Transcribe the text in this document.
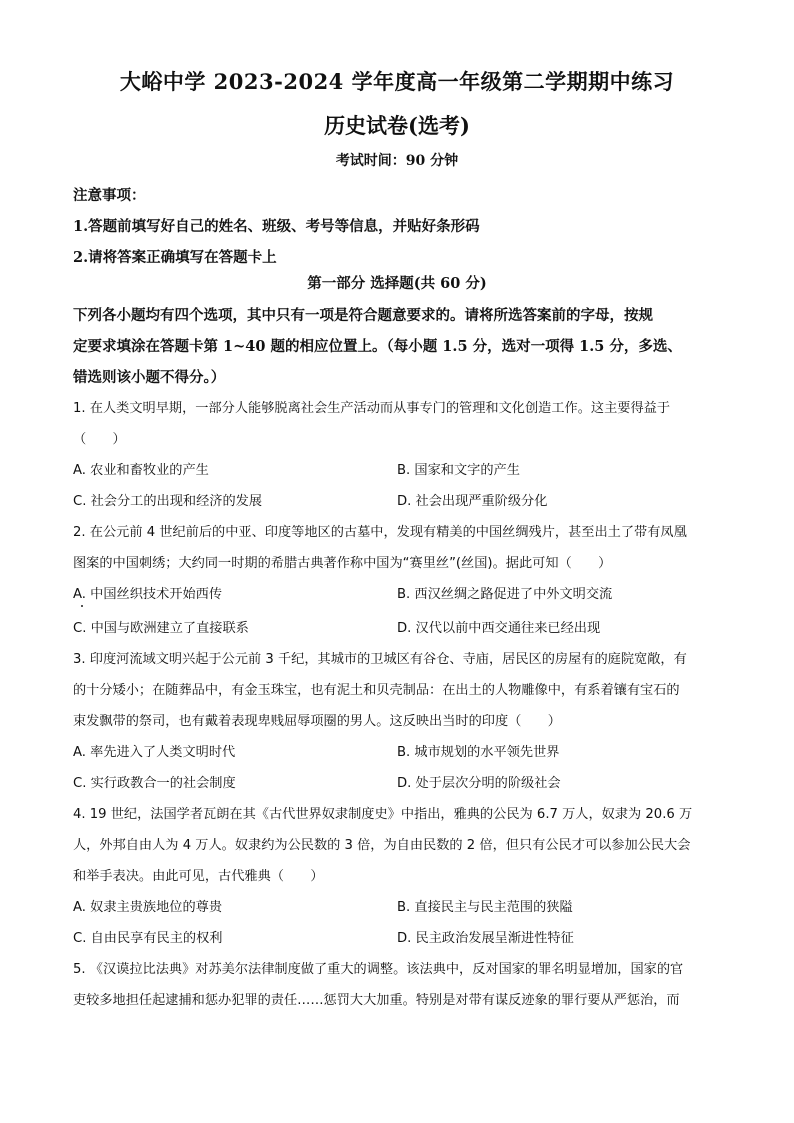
大峪中学 2023-2024 学年度高一年级第二学期期中练习
历史试卷(选考)
考试时间：90 分钟
注意事项：
1.答题前填写好自己的姓名、班级、考号等信息，并贴好条形码
2.请将答案正确填写在答题卡上
第一部分 选择题(共 60 分)
下列各小题均有四个选项，其中只有一项是符合题意要求的。请将所选答案前的字母，按规
定要求填涂在答题卡第 1~40 题的相应位置上。（每小题 1.5 分，选对一项得 1.5 分，多选、
错选则该小题不得分。）
1. 在人类文明早期，一部分人能够脱离社会生产活动而从事专门的管理和文化创造工作。这主要得益于
（　　）
A. 农业和畜牧业的产生	B. 国家和文字的产生
C. 社会分工的出现和经济的发展	D. 社会出现严重阶级分化
2. 在公元前 4 世纪前后的中亚、印度等地区的古墓中，发现有精美的中国丝绸残片，甚至出土了带有凤凰
图案的中国刺绣；大约同一时期的希腊古典著作称中国为“赛里丝”(丝国)。据此可知（　　）
A. 中国丝织技术开始西传	B. 西汉丝绸之路促进了中外文明交流
C. 中国与欧洲建立了直接联系	D. 汉代以前中西交通往来已经出现
3. 印度河流域文明兴起于公元前 3 千纪，其城市的卫城区有谷仓、寺庙，居民区的房屋有的庭院宽敞，有
的十分矮小；在随葬品中，有金玉珠宝，也有泥土和贝壳制品：在出土的人物雕像中，有系着镶有宝石的
束发飘带的祭司，也有戴着表现卑贱屈辱项圈的男人。这反映出当时的印度（　　）
A. 率先进入了人类文明时代	B. 城市规划的水平领先世界
C. 实行政教合一的社会制度	D. 处于层次分明的阶级社会
4. 19 世纪，法国学者瓦朗在其《古代世界奴隶制度史》中指出，雅典的公民为 6.7 万人，奴隶为 20.6 万
人，外邦自由人为 4 万人。奴隶约为公民数的 3 倍，为自由民数的 2 倍，但只有公民才可以参加公民大会
和举手表决。由此可见，古代雅典（　　）
A. 奴隶主贵族地位的尊贵	B. 直接民主与民主范围的狭隘
C. 自由民享有民主的权利	D. 民主政治发展呈渐进性特征
5. 《汉谟拉比法典》对苏美尔法律制度做了重大的调整。该法典中，反对国家的罪名明显增加，国家的官
吏较多地担任起逮捕和惩办犯罪的责任……惩罚大大加重。特别是对带有谋反迹象的罪行要从严惩治，而
